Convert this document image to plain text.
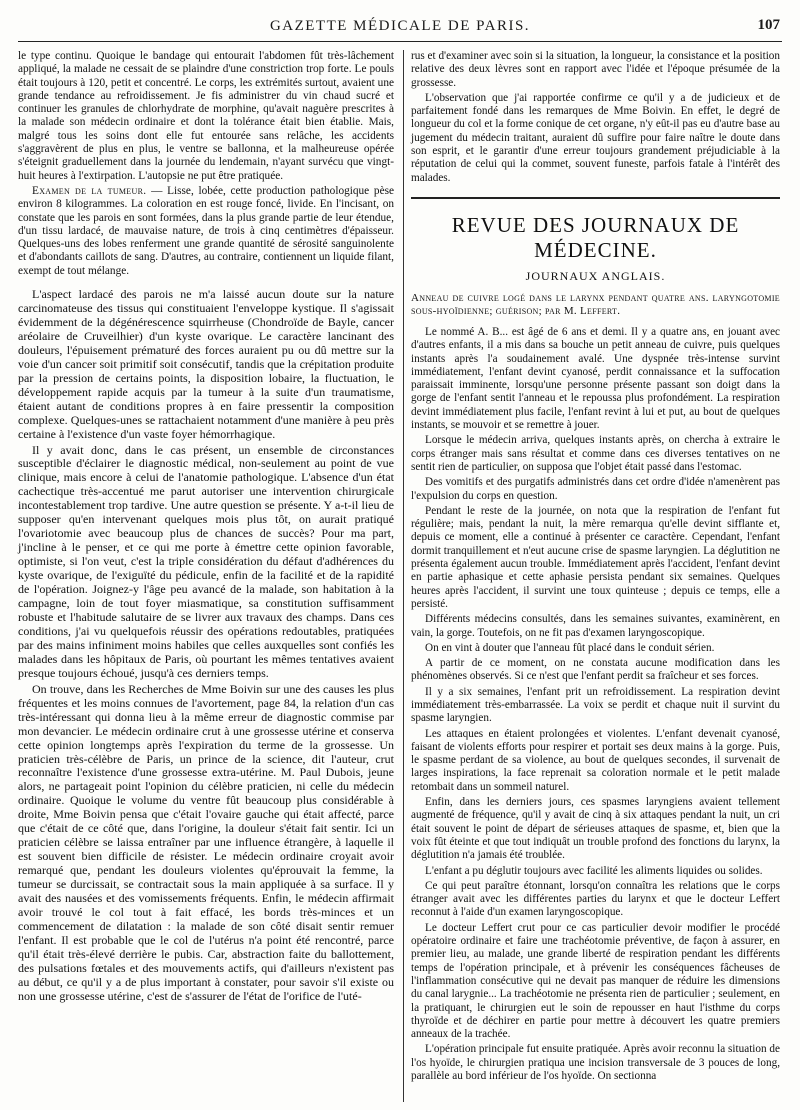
GAZETTE MÉDICALE DE PARIS.	107

le type continu. Quoique le bandage qui entourait l'abdomen fût très-lâchement appliqué, la malade ne cessait de se plaindre d'une constriction trop forte. Le pouls était toujours à 120, petit et concentré. Le corps, les extrémités surtout, avaient une grande tendance au refroidissement. Je fis administrer du vin chaud sucré et continuer les granules de chlorhydrate de morphine, qu'avait naguère prescrites à la malade son médecin ordinaire et dont la tolérance était bien établie. Mais, malgré tous les soins dont elle fut entourée sans relâche, les accidents s'aggravèrent de plus en plus, le ventre se ballonna, et la malheureuse opérée s'éteignit graduellement dans la journée du lendemain, n'ayant survécu que vingt-huit heures à l'extirpation. L'autopsie ne put être pratiquée.

Examen de la tumeur. — Lisse, lobée, cette production pathologique pèse environ 8 kilogrammes. La coloration en est rouge foncé, livide. En l'incisant, on constate que les parois en sont formées, dans la plus grande partie de leur étendue, d'un tissu lardacé, de mauvaise nature, de trois à cinq centimètres d'épaisseur. Quelques-uns des lobes renferment une grande quantité de sérosité sanguinolente et d'abondants caillots de sang. D'autres, au contraire, contiennent un liquide filant, exempt de tout mélange.

L'aspect lardacé des parois ne m'a laissé aucun doute sur la nature carcinomateuse des tissus qui constituaient l'enveloppe kystique. Il s'agissait évidemment de la dégénérescence squirrheuse (Chondroïde de Bayle, cancer aréolaire de Cruveilhier) d'un kyste ovarique. Le caractère lancinant des douleurs, l'épuisement prématuré des forces auraient pu ou dû mettre sur la voie d'un cancer soit primitif soit consécutif, tandis que la crépitation produite par la pression de certains points, la disposition lobaire, la fluctuation, le développement rapide acquis par la tumeur à la suite d'un traumatisme, étaient autant de conditions propres à en faire pressentir la composition complexe. Quelques-unes se rattachaient notamment d'une manière à peu près certaine à l'existence d'un vaste foyer hémorrhagique.

Il y avait donc, dans le cas présent, un ensemble de circonstances susceptible d'éclairer le diagnostic médical, non-seulement au point de vue clinique, mais encore à celui de l'anatomie pathologique. L'absence d'un état cachectique très-accentué me parut autoriser une intervention chirurgicale incontestablement trop tardive. Une autre question se présente. Y a-t-il lieu de supposer qu'en intervenant quelques mois plus tôt, on aurait pratiqué l'ovariotomie avec beaucoup plus de chances de succès? Pour ma part, j'incline à le penser, et ce qui me porte à émettre cette opinion favorable, optimiste, si l'on veut, c'est la triple considération du défaut d'adhérences du kyste ovarique, de l'exiguïté du pédicule, enfin de la facilité et de la rapidité de l'opération. Joignez-y l'âge peu avancé de la malade, son habitation à la campagne, loin de tout foyer miasmatique, sa constitution suffisamment robuste et l'habitude salutaire de se livrer aux travaux des champs. Dans ces conditions, j'ai vu quelquefois réussir des opérations redoutables, pratiquées par des mains infiniment moins habiles que celles auxquelles sont confiés les malades dans les hôpitaux de Paris, où pourtant les mêmes tentatives avaient presque toujours échoué, jusqu'à ces derniers temps.

On trouve, dans les Recherches de Mme Boivin sur une des causes les plus fréquentes et les moins connues de l'avortement, page 84, la relation d'un cas très-intéressant qui donna lieu à la même erreur de diagnostic commise par mon devancier. Le médecin ordinaire crut à une grossesse utérine et conserva cette opinion longtemps après l'expiration du terme de la grossesse. Un praticien très-célèbre de Paris, un prince de la science, dit l'auteur, crut reconnaître l'existence d'une grossesse extra-utérine. M. Paul Dubois, jeune alors, ne partageait point l'opinion du célèbre praticien, ni celle du médecin ordinaire. Quoique le volume du ventre fût beaucoup plus considérable à droite, Mme Boivin pensa que c'était l'ovaire gauche qui était affecté, parce que c'était de ce côté que, dans l'origine, la douleur s'était fait sentir. Ici un praticien célèbre se laissa entraîner par une influence étrangère, à laquelle il est souvent bien difficile de résister. Le médecin ordinaire croyait avoir remarqué que, pendant les douleurs violentes qu'éprouvait la femme, la tumeur se durcissait, se contractait sous la main appliquée à sa surface. Il y avait des nausées et des vomissements fréquents. Enfin, le médecin affirmait avoir trouvé le col tout à fait effacé, les bords très-minces et un commencement de dilatation : la malade de son côté disait sentir remuer l'enfant. Il est probable que le col de l'utérus n'a point été rencontré, parce qu'il était très-élevé derrière le pubis. Car, abstraction faite du ballottement, des pulsations fœtales et des mouvements actifs, qui d'ailleurs n'existent pas au début, ce qu'il y a de plus important à constater, pour savoir s'il existe ou non une grossesse utérine, c'est de s'assurer de l'état de l'orifice de l'uté-

rus et d'examiner avec soin si la situation, la longueur, la consistance et la position relative des deux lèvres sont en rapport avec l'idée et l'époque présumée de la grossesse.

L'observation que j'ai rapportée confirme ce qu'il y a de judicieux et de parfaitement fondé dans les remarques de Mme Boivin. En effet, le degré de longueur du col et la forme conique de cet organe, n'y eût-il pas eu d'autre base au jugement du médecin traitant, auraient dû suffire pour faire naître le doute dans son esprit, et le garantir d'une erreur toujours grandement préjudiciable à la réputation de celui qui la commet, souvent funeste, parfois fatale à l'intérêt des malades.

REVUE DES JOURNAUX DE MÉDECINE.
JOURNAUX ANGLAIS.
Anneau de cuivre logé dans le larynx pendant quatre ans. laryngotomie sous-hyoïdienne; guérison; par M. Leffert.

Le nommé A. B... est âgé de 6 ans et demi. Il y a quatre ans, en jouant avec d'autres enfants, il a mis dans sa bouche un petit anneau de cuivre, puis quelques instants après l'a soudainement avalé. Une dyspnée très-intense survint immédiatement, l'enfant devint cyanosé, perdit connaissance et la suffocation paraissait imminente, lorsqu'une personne présente passant son doigt dans la gorge de l'enfant sentit l'anneau et le repoussa plus profondément. La respiration devint immédiatement plus facile, l'enfant revint à lui et put, au bout de quelques instants, se mouvoir et se remettre à jouer.

Lorsque le médecin arriva, quelques instants après, on chercha à extraire le corps étranger mais sans résultat et comme dans ces diverses tentatives on ne sentit rien de particulier, on supposa que l'objet était passé dans l'estomac.

Des vomitifs et des purgatifs administrés dans cet ordre d'idée n'amenèrent pas l'expulsion du corps en question.

Pendant le reste de la journée, on nota que la respiration de l'enfant fut régulière; mais, pendant la nuit, la mère remarqua qu'elle devint sifflante et, depuis ce moment, elle a continué à présenter ce caractère. Cependant, l'enfant dormit tranquillement et n'eut aucune crise de spasme laryngien. La déglutition ne présenta également aucun trouble. Immédiatement après l'accident, l'enfant devint en partie aphasique et cette aphasie persista pendant six semaines. Quelques heures après l'accident, il survint une toux quinteuse ; depuis ce temps, elle a persisté.

Différents médecins consultés, dans les semaines suivantes, examinèrent, en vain, la gorge. Toutefois, on ne fit pas d'examen laryngoscopique.

On en vint à douter que l'anneau fût placé dans le conduit sérien.

A partir de ce moment, on ne constata aucune modification dans les phénomènes observés. Si ce n'est que l'enfant perdit sa fraîcheur et ses forces.

Il y a six semaines, l'enfant prit un refroidissement. La respiration devint immédiatement très-embarrassée. La voix se perdit et chaque nuit il survint du spasme laryngien.

Les attaques en étaient prolongées et violentes. L'enfant devenait cyanosé, faisant de violents efforts pour respirer et portait ses deux mains à la gorge. Puis, le spasme perdant de sa violence, au bout de quelques secondes, il survenait de larges inspirations, la face reprenait sa coloration normale et le petit malade retombait dans un sommeil naturel.

Enfin, dans les derniers jours, ces spasmes laryngiens avaient tellement augmenté de fréquence, qu'il y avait de cinq à six attaques pendant la nuit, un cri était souvent le point de départ de sérieuses attaques de spasme, et, bien que la voix fût éteinte et que tout indiquât un trouble profond des fonctions du larynx, la déglutition n'a jamais été troublée.

L'enfant a pu déglutir toujours avec facilité les aliments liquides ou solides.

Ce qui peut paraître étonnant, lorsqu'on connaîtra les relations que le corps étranger avait avec les différentes parties du larynx et que le docteur Leffert reconnut à l'aide d'un examen laryngoscopique.

Le docteur Leffert crut pour ce cas particulier devoir modifier le procédé opératoire ordinaire et faire une trachéotomie préventive, de façon à assurer, en premier lieu, au malade, une grande liberté de respiration pendant les différents temps de l'opération principale, et à prévenir les conséquences fâcheuses de l'inflammation consécutive qui ne devait pas manquer de réduire les dimensions du canal larygnie... La trachéotomie ne présenta rien de particulier ; seulement, en la pratiquant, le chirurgien eut le soin de repousser en haut l'isthme du corps thyroïde et de déchirer en partie pour mettre à découvert les quatre premiers anneaux de la trachée.

L'opération principale fut ensuite pratiquée. Après avoir reconnu la situation de l'os hyoïde, le chirurgien pratiqua une incision transversale de 3 pouces de long, parallèle au bord inférieur de l'os hyoïde. On sectionna
